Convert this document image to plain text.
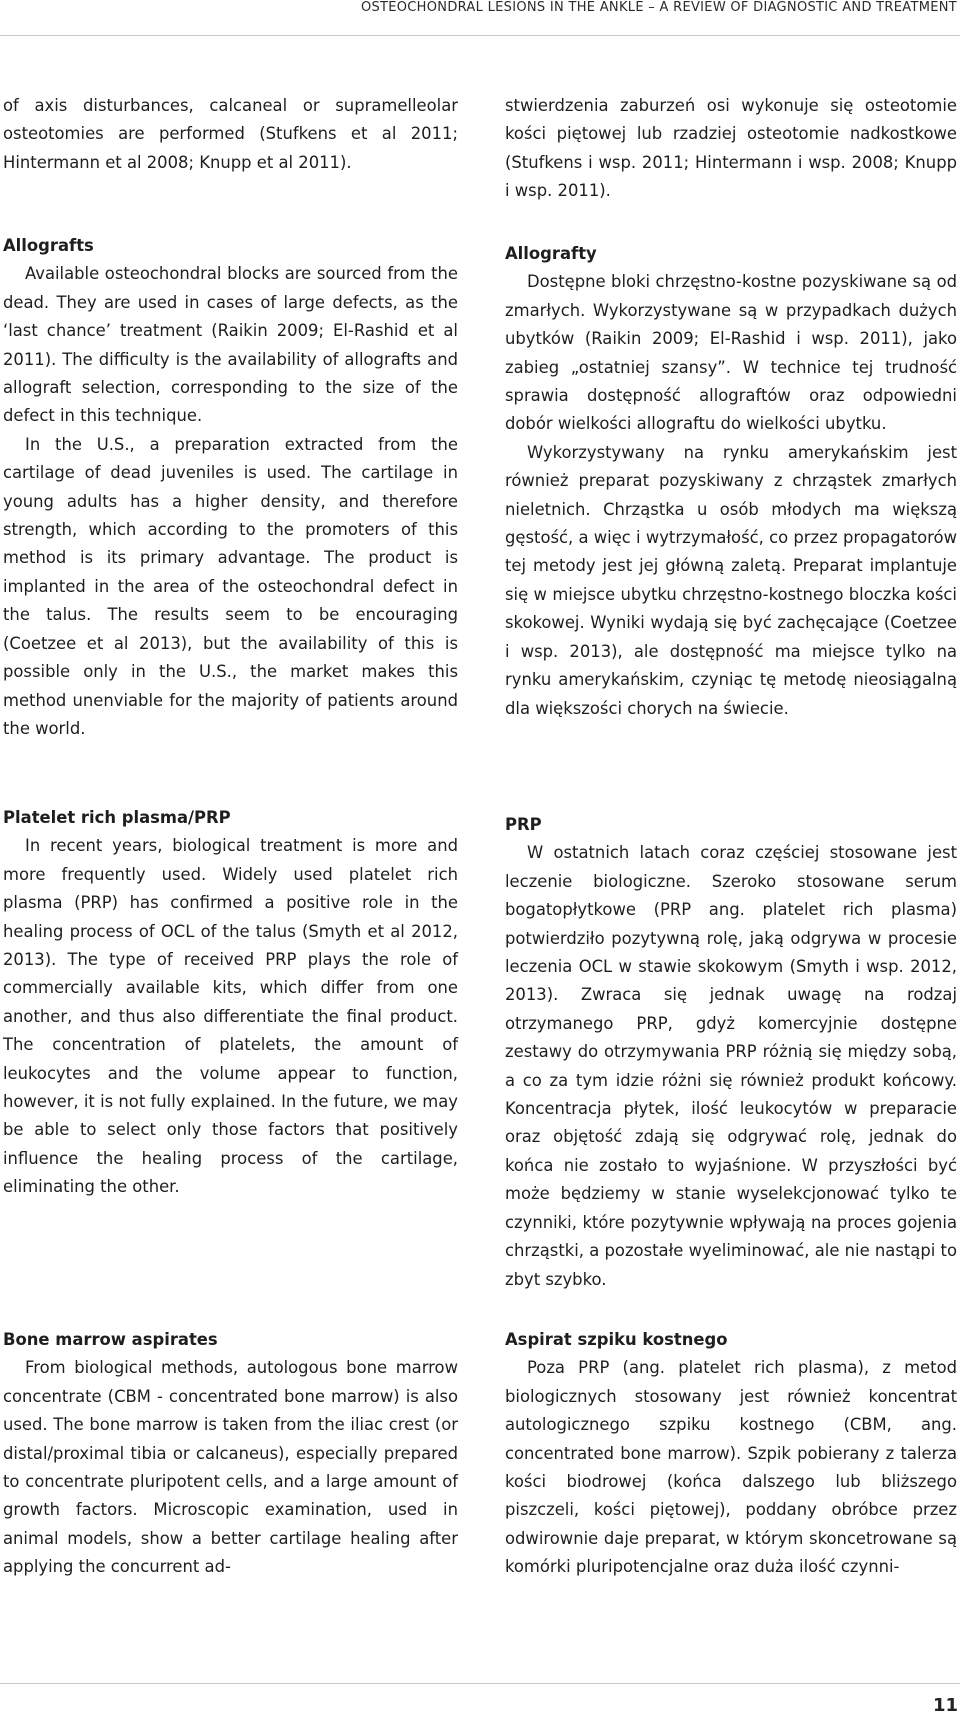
OSTEOCHONDRAL LESIONS IN THE ANKLE – A REVIEW OF DIAGNOSTIC AND TREATMENT

of axis disturbances, calcaneal or supramelleolar osteotomies are performed (Stufkens et al 2011; Hintermann et al 2008; Knupp et al 2011).

Allografts

Available osteochondral blocks are sourced from the dead. They are used in cases of large defects, as the ‘last chance’ treatment (Raikin 2009; El-Rashid et al 2011). The difficulty is the availability of allografts and allograft selection, corresponding to the size of the defect in this technique.

In the U.S., a preparation extracted from the cartilage of dead juveniles is used. The cartilage in young adults has a higher density, and therefore strength, which according to the promoters of this method is its primary advantage. The product is implanted in the area of the osteochondral defect in the talus. The results seem to be encouraging (Coetzee et al 2013), but the availability of this is possible only in the U.S., the market makes this method unenviable for the majority of patients around the world.

Platelet rich plasma/PRP

In recent years, biological treatment is more and more frequently used. Widely used platelet rich plasma (PRP) has confirmed a positive role in the healing process of OCL of the talus (Smyth et al 2012, 2013). The type of received PRP plays the role of commercially available kits, which differ from one another, and thus also differentiate the final product. The concentration of platelets, the amount of leukocytes and the volume appear to function, however, it is not fully explained. In the future, we may be able to select only those factors that positively influence the healing process of the cartilage, eliminating the other.

Bone marrow aspirates

From biological methods, autologous bone marrow concentrate (CBM - concentrated bone marrow) is also used. The bone marrow is taken from the iliac crest (or distal/proximal tibia or calcaneus), especially prepared to concentrate pluripotent cells, and a large amount of growth factors. Microscopic examination, used in animal models, show a better cartilage healing after applying the concurrent ad-

stwierdzenia zaburzeń osi wykonuje się osteotomie kości piętowej lub rzadziej osteotomie nadkostkowe (Stufkens i wsp. 2011; Hintermann i wsp. 2008; Knupp i wsp. 2011).

Allografty

Dostępne bloki chrzęstno-kostne pozyskiwane są od zmarłych. Wykorzystywane są w przypadkach dużych ubytków (Raikin 2009; El-Rashid i wsp. 2011), jako zabieg „ostatniej szansy”. W technice tej trudność sprawia dostępność allograftów oraz odpowiedni dobór wielkości allograftu do wielkości ubytku.

Wykorzystywany na rynku amerykańskim jest również preparat pozyskiwany z chrząstek zmarłych nieletnich. Chrząstka u osób młodych ma większą gęstość, a więc i wytrzymałość, co przez propagatorów tej metody jest jej główną zaletą. Preparat implantuje się w miejsce ubytku chrzęstno-kostnego bloczka kości skokowej. Wyniki wydają się być zachęcające (Coetzee i wsp. 2013), ale dostępność ma miejsce tylko na rynku amerykańskim, czyniąc tę metodę nieosiągalną dla większości chorych na świecie.

PRP

W ostatnich latach coraz częściej stosowane jest leczenie biologiczne. Szeroko stosowane serum bogatopłytkowe (PRP ang. platelet rich plasma) potwierdziło pozytywną rolę, jaką odgrywa w procesie leczenia OCL w stawie skokowym (Smyth i wsp. 2012, 2013). Zwraca się jednak uwagę na rodzaj otrzymanego PRP, gdyż komercyjnie dostępne zestawy do otrzymywania PRP różnią się między sobą, a co za tym idzie różni się również produkt końcowy. Koncentracja płytek, ilość leukocytów w preparacie oraz objętość zdają się odgrywać rolę, jednak do końca nie zostało to wyjaśnione. W przyszłości być może będziemy w stanie wyselekcjonować tylko te czynniki, które pozytywnie wpływają na proces gojenia chrząstki, a pozostałe wyeliminować, ale nie nastąpi to zbyt szybko.

Aspirat szpiku kostnego

Poza PRP (ang. platelet rich plasma), z metod biologicznych stosowany jest również koncentrat autologicznego szpiku kostnego (CBM, ang. concentrated bone marrow). Szpik pobierany z talerza kości biodrowej (końca dalszego lub bliższego piszczeli, kości piętowej), poddany obróbce przez odwirownie daje preparat, w którym skoncetrowane są komórki pluripotencjalne oraz duża ilość czynni-

11
